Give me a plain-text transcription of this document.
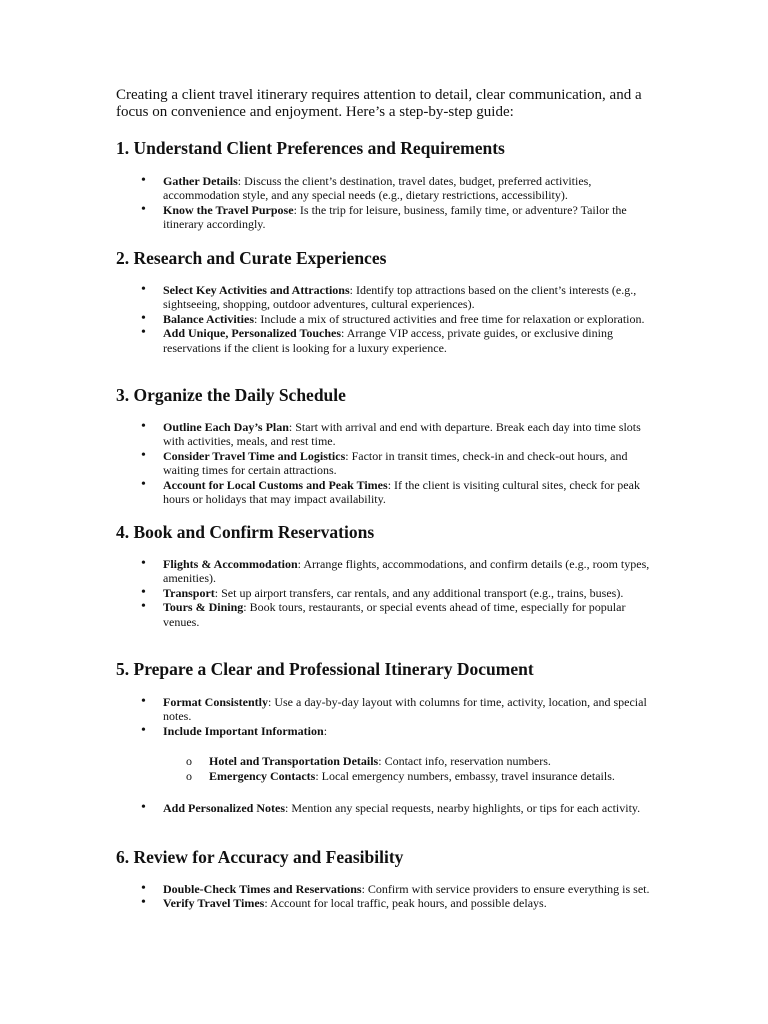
Creating a client travel itinerary requires attention to detail, clear communication, and a focus on convenience and enjoyment. Here’s a step-by-step guide:

1. Understand Client Preferences and Requirements
• Gather Details: Discuss the client’s destination, travel dates, budget, preferred activities, accommodation style, and any special needs (e.g., dietary restrictions, accessibility).
• Know the Travel Purpose: Is the trip for leisure, business, family time, or adventure? Tailor the itinerary accordingly.
2. Research and Curate Experiences
• Select Key Activities and Attractions: Identify top attractions based on the client’s interests (e.g., sightseeing, shopping, outdoor adventures, cultural experiences).
• Balance Activities: Include a mix of structured activities and free time for relaxation or exploration.
• Add Unique, Personalized Touches: Arrange VIP access, private guides, or exclusive dining reservations if the client is looking for a luxury experience.
3. Organize the Daily Schedule
• Outline Each Day’s Plan: Start with arrival and end with departure. Break each day into time slots with activities, meals, and rest time.
• Consider Travel Time and Logistics: Factor in transit times, check-in and check-out hours, and waiting times for certain attractions.
• Account for Local Customs and Peak Times: If the client is visiting cultural sites, check for peak hours or holidays that may impact availability.
4. Book and Confirm Reservations
• Flights & Accommodation: Arrange flights, accommodations, and confirm details (e.g., room types, amenities).
• Transport: Set up airport transfers, car rentals, and any additional transport (e.g., trains, buses).
• Tours & Dining: Book tours, restaurants, or special events ahead of time, especially for popular venues.
5. Prepare a Clear and Professional Itinerary Document
• Format Consistently: Use a day-by-day layout with columns for time, activity, location, and special notes.
• Include Important Information:
o Hotel and Transportation Details: Contact info, reservation numbers.
o Emergency Contacts: Local emergency numbers, embassy, travel insurance details.
• Add Personalized Notes: Mention any special requests, nearby highlights, or tips for each activity.
6. Review for Accuracy and Feasibility
• Double-Check Times and Reservations: Confirm with service providers to ensure everything is set.
• Verify Travel Times: Account for local traffic, peak hours, and possible delays.
